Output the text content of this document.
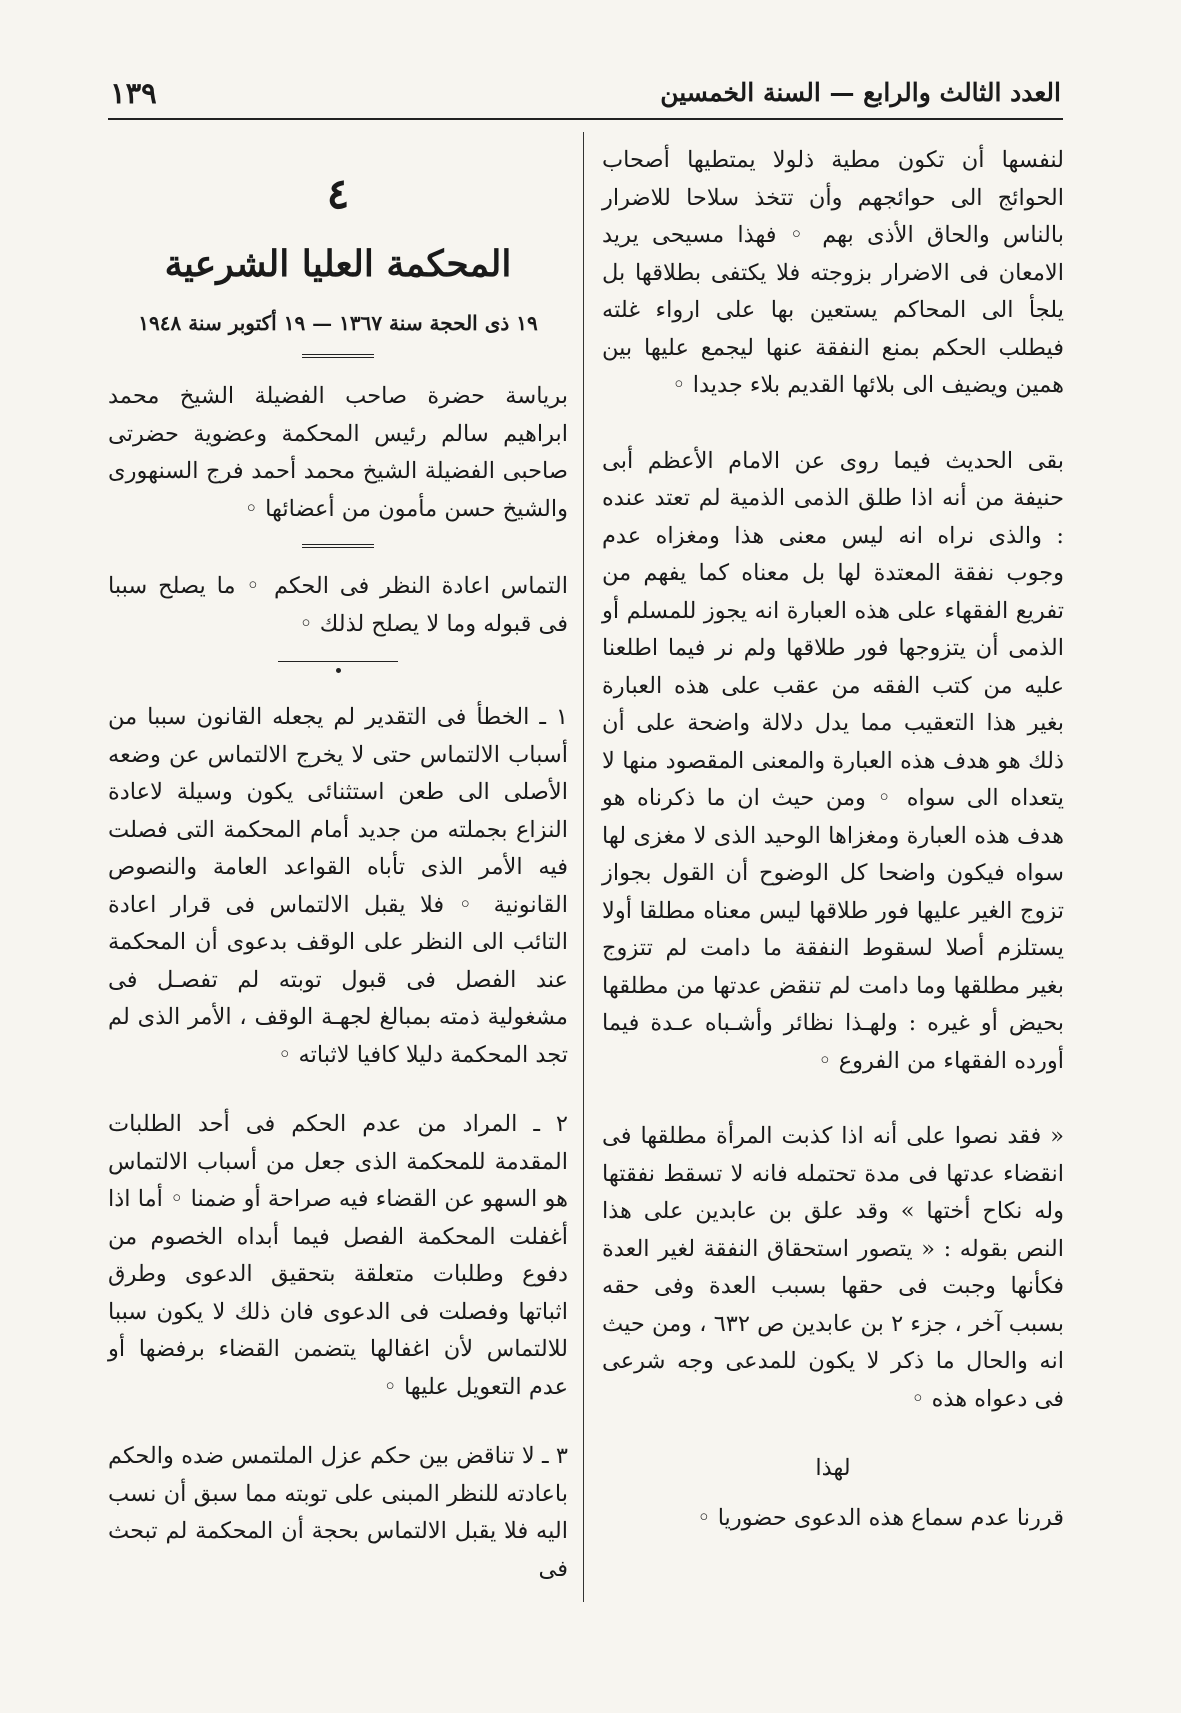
العدد الثالث والرابع — السنة الخمسين
١٣٩

لنفسها أن تكون مطية ذلولا يمتطيها أصحاب الحوائج الى حوائجهم وأن تتخذ سلاحا للاضرار بالناس والحاق الأذى بهم ◦ فهذا مسيحى يريد الامعان فى الاضرار بزوجته فلا يكتفى بطلاقها بل يلجأ الى المحاكم يستعين بها على ارواء غلته فيطلب الحكم بمنع النفقة عنها ليجمع عليها بين همين ويضيف الى بلائها القديم بلاء جديدا ◦

بقى الحديث فيما روى عن الامام الأعظم أبى حنيفة من أنه اذا طلق الذمى الذمية لم تعتد عنده : والذى نراه انه ليس معنى هذا ومغزاه عدم وجوب نفقة المعتدة لها بل معناه كما يفهم من تفريع الفقهاء على هذه العبارة انه يجوز للمسلم أو الذمى أن يتزوجها فور طلاقها ولم نر فيما اطلعنا عليه من كتب الفقه من عقب على هذه العبارة بغير هذا التعقيب مما يدل دلالة واضحة على أن ذلك هو هدف هذه العبارة والمعنى المقصود منها لا يتعداه الى سواه ◦ ومن حيث ان ما ذكرناه هو هدف هذه العبارة ومغزاها الوحيد الذى لا مغزى لها سواه فيكون واضحا كل الوضوح أن القول بجواز تزوج الغير عليها فور طلاقها ليس معناه مطلقا أولا يستلزم أصلا لسقوط النفقة ما دامت لم تتزوج بغير مطلقها وما دامت لم تنقض عدتها من مطلقها بحيض أو غيره : ولهـذا نظائر وأشـباه عـدة فيما أورده الفقهاء من الفروع ◦

« فقد نصوا على أنه اذا كذبت المرأة مطلقها فى انقضاء عدتها فى مدة تحتمله فانه لا تسقط نفقتها وله نكاح أختها » وقد علق بن عابدين على هذا النص بقوله : « يتصور استحقاق النفقة لغير العدة فكأنها وجبت فى حقها بسبب العدة وفى حقه بسبب آخر ، جزء ٢ بن عابدين ص ٦٣٢ ، ومن حيث انه والحال ما ذكر لا يكون للمدعى وجه شرعى فى دعواه هذه ◦

لهذا

قررنا عدم سماع هذه الدعوى حضوريا ◦

٤
المحكمة العليا الشرعية
١٩ ذى الحجة سنة ١٣٦٧ — ١٩ أكتوبر سنة ١٩٤٨

برياسة حضرة صاحب الفضيلة الشيخ محمد ابراهيم سالم رئيس المحكمة وعضوية حضرتى صاحبى الفضيلة الشيخ محمد أحمد فرج السنهورى والشيخ حسن مأمون من أعضائها ◦

التماس اعادة النظر فى الحكم ◦ ما يصلح سببا فى قبوله وما لا يصلح لذلك ◦

١ ـ الخطأ فى التقدير لم يجعله القانون سببا من أسباب الالتماس حتى لا يخرج الالتماس عن وضعه الأصلى الى طعن استثنائى يكون وسيلة لاعادة النزاع بجملته من جديد أمام المحكمة التى فصلت فيه الأمر الذى تأباه القواعد العامة والنصوص القانونية ◦ فلا يقبل الالتماس فى قرار اعادة التائب الى النظر على الوقف بدعوى أن المحكمة عند الفصل فى قبول توبته لم تفصـل فى مشغولية ذمته بمبالغ لجهـة الوقف ، الأمر الذى لم تجد المحكمة دليلا كافيا لاثباته ◦

٢ ـ المراد من عدم الحكم فى أحد الطلبات المقدمة للمحكمة الذى جعل من أسباب الالتماس هو السهو عن القضاء فيه صراحة أو ضمنا ◦ أما اذا أغفلت المحكمة الفصل فيما أبداه الخصوم من دفوع وطلبات متعلقة بتحقيق الدعوى وطرق اثباتها وفصلت فى الدعوى فان ذلك لا يكون سببا للالتماس لأن اغفالها يتضمن القضاء برفضها أو عدم التعويل عليها ◦

٣ ـ لا تناقض بين حكم عزل الملتمس ضده والحكم باعادته للنظر المبنى على توبته مما سبق أن نسب اليه فلا يقبل الالتماس بحجة أن المحكمة لم تبحث فى
